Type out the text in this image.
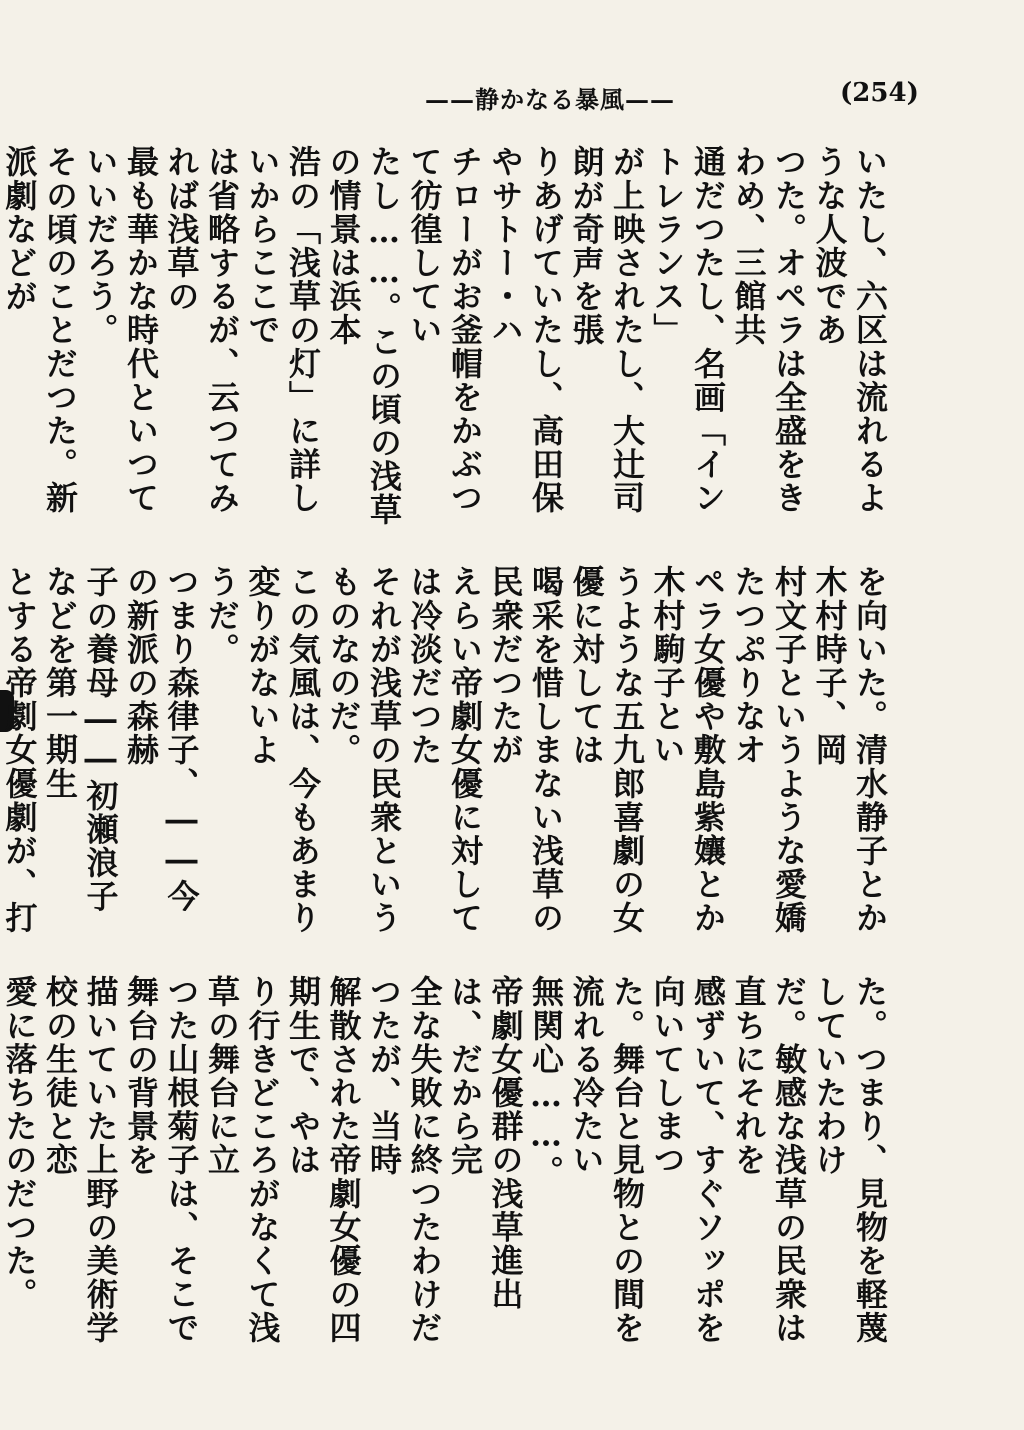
——静かなる暴風——	(254)
いたし、六区は流れるような人波であ
つた。オペラは全盛をきわめ、三館共
通だつたし、名画「イントレランス」
が上映されたし、大辻司朗が奇声を張
りあげていたし、高田保やサトー・ハ
チローがお釜帽をかぶつて彷徨してい
たし……。この頃の浅草の情景は浜本
浩の「浅草の灯」に詳しいからここで
は省略するが、云つてみれば浅草の
最も華かな時代といつていいだろう。
その頃のことだつた。新派劇などが
を向いた。清水静子とか木村時子、岡
村文子というような愛嬌たつぷりなオ
ペラ女優や敷島紫孃とか木村駒子とい
うような五九郎喜劇の女優に対しては
喝采を惜しまない浅草の民衆だつたが
えらい帝劇女優に対しては冷淡だつた
それが浅草の民衆というものなのだ。
この気風は、今もあまり変りがないよ
うだ。
つまり森律子、――今の新派の森赫
子の養母――初瀬浪子などを第一期生
とする帝劇女優劇が、打
た。つまり、見物を軽蔑していたわけ
だ。敏感な浅草の民衆は直ちにそれを
感ずいて、すぐソッポを向いてしまつ
た。舞台と見物との間を流れる冷たい
無関心……。
帝劇女優群の浅草進出は、だから完
全な失敗に終つたわけだつたが、当時
解散された帝劇女優の四期生で、やは
り行きどころがなくて浅草の舞台に立
つた山根菊子は、そこで舞台の背景を
描いていた上野の美術学校の生徒と恋
愛に落ちたのだつた。
